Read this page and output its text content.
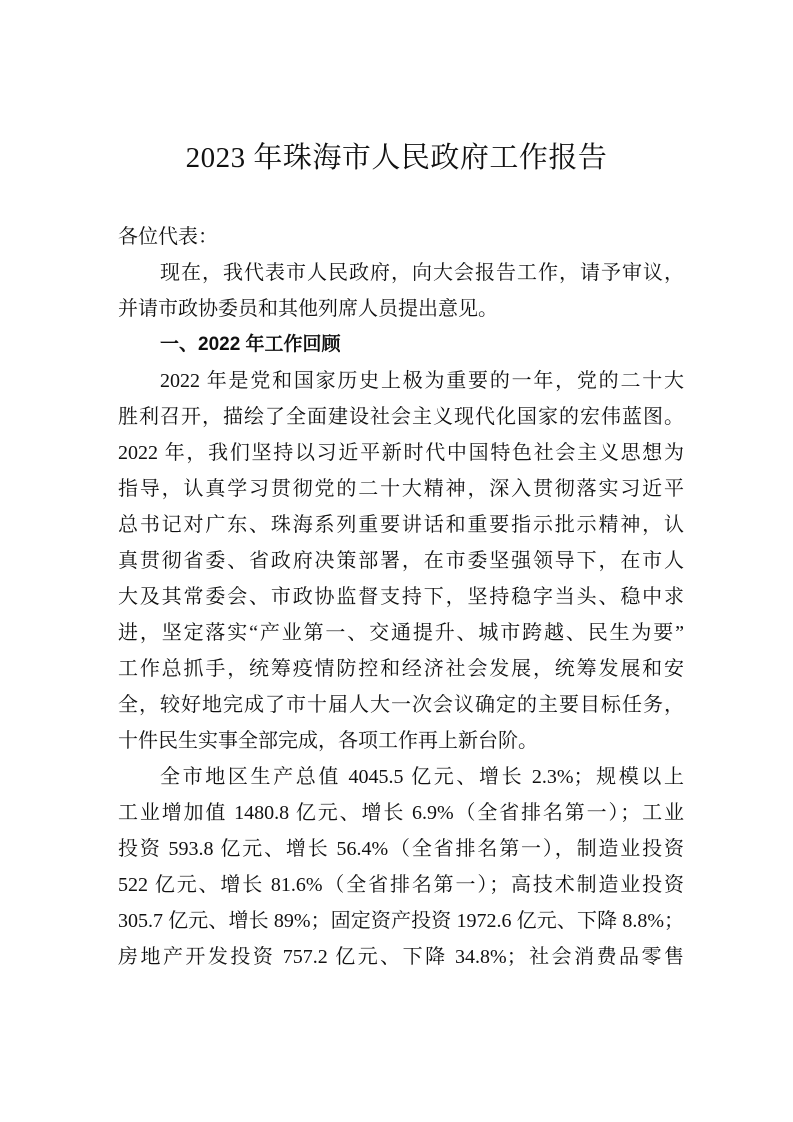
2023 年珠海市人民政府工作报告
各位代表：
现在，我代表市人民政府，向大会报告工作，请予审议，
并请市政协委员和其他列席人员提出意见。
一、2022 年工作回顾
2022 年是党和国家历史上极为重要的一年，党的二十大
胜利召开，描绘了全面建设社会主义现代化国家的宏伟蓝图。
2022 年，我们坚持以习近平新时代中国特色社会主义思想为
指导，认真学习贯彻党的二十大精神，深入贯彻落实习近平
总书记对广东、珠海系列重要讲话和重要指示批示精神，认
真贯彻省委、省政府决策部署，在市委坚强领导下，在市人
大及其常委会、市政协监督支持下，坚持稳字当头、稳中求
进，坚定落实“产业第一、交通提升、城市跨越、民生为要”
工作总抓手，统筹疫情防控和经济社会发展，统筹发展和安
全，较好地完成了市十届人大一次会议确定的主要目标任务，
十件民生实事全部完成，各项工作再上新台阶。
全市地区生产总值 4045.5 亿元、增长 2.3%；规模以上
工业增加值 1480.8 亿元、增长 6.9%（全省排名第一）；工业
投资 593.8 亿元、增长 56.4%（全省排名第一），制造业投资
522 亿元、增长 81.6%（全省排名第一）；高技术制造业投资
305.7 亿元、增长 89%；固定资产投资 1972.6 亿元、下降 8.8%；
房地产开发投资 757.2 亿元、下降 34.8%；社会消费品零售
